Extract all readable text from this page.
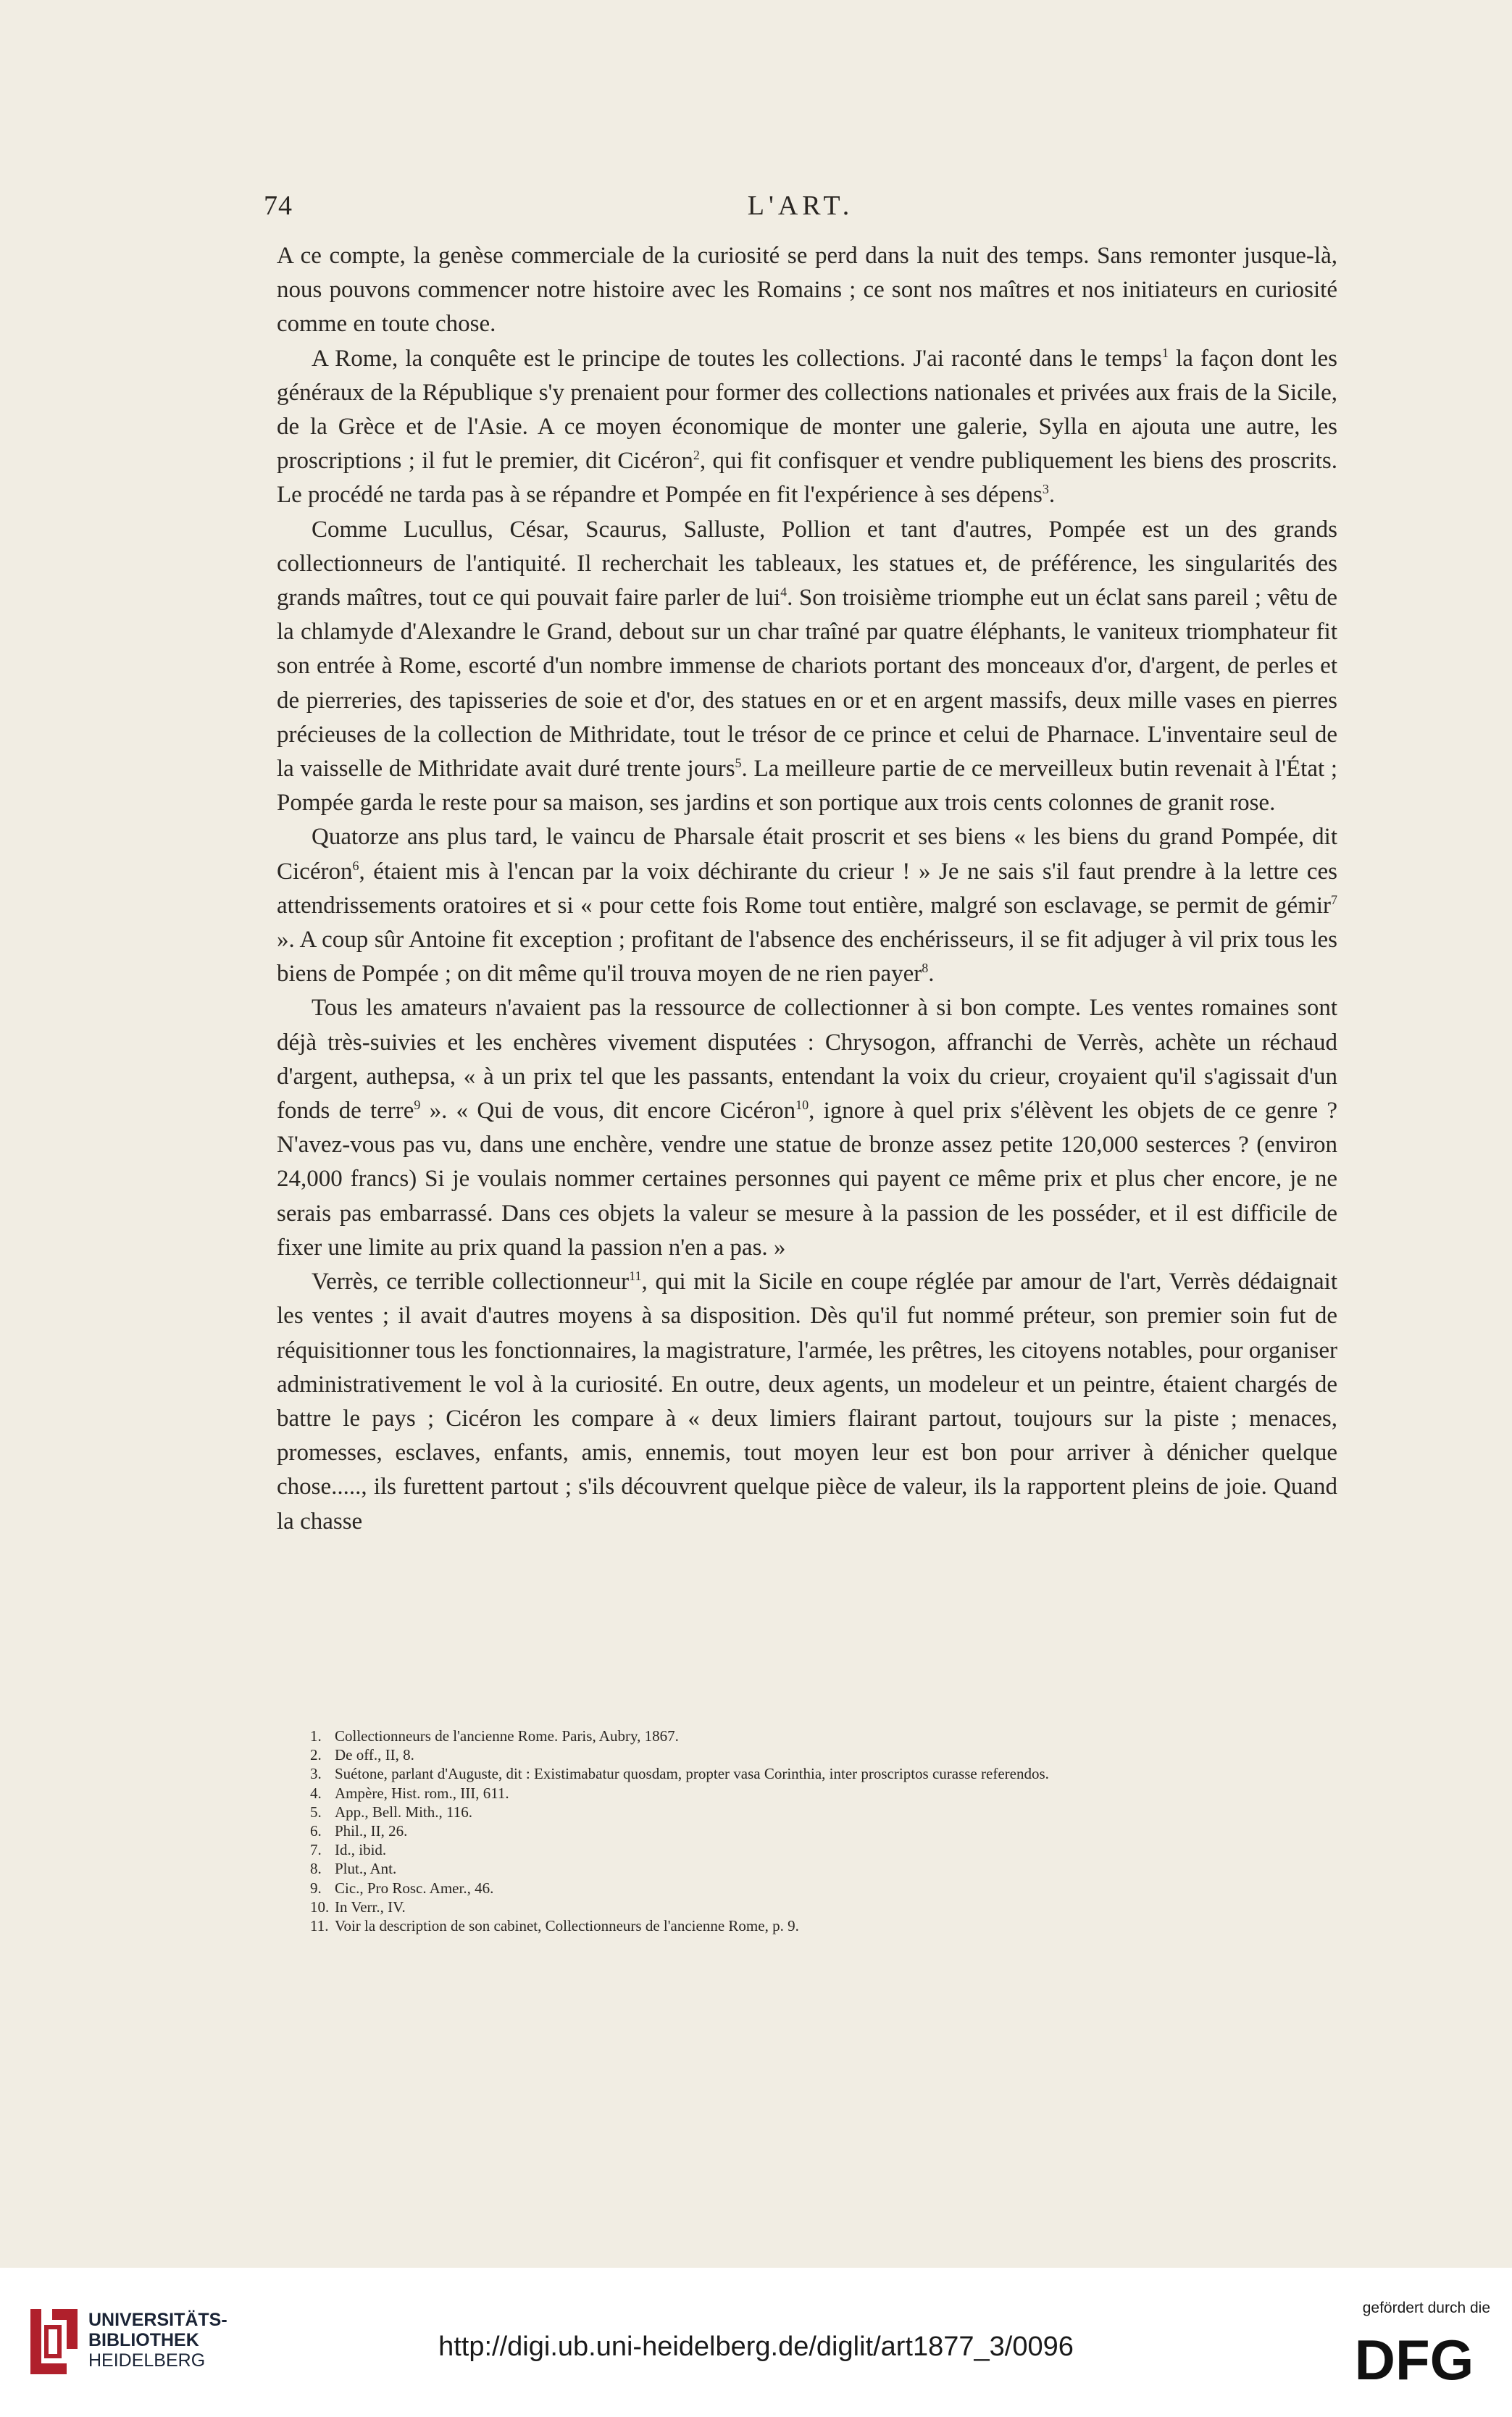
74	L'ART.

A ce compte, la genèse commerciale de la curiosité se perd dans la nuit des temps. Sans remonter jusque-là, nous pouvons commencer notre histoire avec les Romains ; ce sont nos maîtres et nos initiateurs en curiosité comme en toute chose.

A Rome, la conquête est le principe de toutes les collections. J'ai raconté dans le temps$^1$ la façon dont les généraux de la République s'y prenaient pour former des collections nationales et privées aux frais de la Sicile, de la Grèce et de l'Asie. A ce moyen économique de monter une galerie, Sylla en ajouta une autre, les proscriptions ; il fut le premier, dit Cicéron$^2$, qui fit confisquer et vendre publiquement les biens des proscrits. Le procédé ne tarda pas à se répandre et Pompée en fit l'expérience à ses dépens$^3$.

Comme Lucullus, César, Scaurus, Salluste, Pollion et tant d'autres, Pompée est un des grands collectionneurs de l'antiquité. Il recherchait les tableaux, les statues et, de préférence, les singularités des grands maîtres, tout ce qui pouvait faire parler de lui$^4$. Son troisième triomphe eut un éclat sans pareil ; vêtu de la chlamyde d'Alexandre le Grand, debout sur un char traîné par quatre éléphants, le vaniteux triomphateur fit son entrée à Rome, escorté d'un nombre immense de chariots portant des monceaux d'or, d'argent, de perles et de pierreries, des tapisseries de soie et d'or, des statues en or et en argent massifs, deux mille vases en pierres précieuses de la collection de Mithridate, tout le trésor de ce prince et celui de Pharnace. L'inventaire seul de la vaisselle de Mithridate avait duré trente jours$^5$. La meilleure partie de ce merveilleux butin revenait à l'État ; Pompée garda le reste pour sa maison, ses jardins et son portique aux trois cents colonnes de granit rose.

Quatorze ans plus tard, le vaincu de Pharsale était proscrit et ses biens « les biens du grand Pompée, dit Cicéron$^6$, étaient mis à l'encan par la voix déchirante du crieur ! » Je ne sais s'il faut prendre à la lettre ces attendrissements oratoires et si « pour cette fois Rome tout entière, malgré son esclavage, se permit de gémir$^7$ ». A coup sûr Antoine fit exception ; profitant de l'absence des enchérisseurs, il se fit adjuger à vil prix tous les biens de Pompée ; on dit même qu'il trouva moyen de ne rien payer$^8$.

Tous les amateurs n'avaient pas la ressource de collectionner à si bon compte. Les ventes romaines sont déjà très-suivies et les enchères vivement disputées : Chrysogon, affranchi de Verrès, achète un réchaud d'argent, authepsa, « à un prix tel que les passants, entendant la voix du crieur, croyaient qu'il s'agissait d'un fonds de terre$^9$ ». « Qui de vous, dit encore Cicéron$^{10}$, ignore à quel prix s'élèvent les objets de ce genre ? N'avez-vous pas vu, dans une enchère, vendre une statue de bronze assez petite 120,000 sesterces ? (environ 24,000 francs) Si je voulais nommer certaines personnes qui payent ce même prix et plus cher encore, je ne serais pas embarrassé. Dans ces objets la valeur se mesure à la passion de les posséder, et il est difficile de fixer une limite au prix quand la passion n'en a pas. »

Verrès, ce terrible collectionneur$^{11}$, qui mit la Sicile en coupe réglée par amour de l'art, Verrès dédaignait les ventes ; il avait d'autres moyens à sa disposition. Dès qu'il fut nommé préteur, son premier soin fut de réquisitionner tous les fonctionnaires, la magistrature, l'armée, les prêtres, les citoyens notables, pour organiser administrativement le vol à la curiosité. En outre, deux agents, un modeleur et un peintre, étaient chargés de battre le pays ; Cicéron les compare à « deux limiers flairant partout, toujours sur la piste ; menaces, promesses, esclaves, enfants, amis, ennemis, tout moyen leur est bon pour arriver à dénicher quelque chose....., ils furettent partout ; s'ils découvrent quelque pièce de valeur, ils la rapportent pleins de joie. Quand la chasse

1. Collectionneurs de l'ancienne Rome. Paris, Aubry, 1867.
2. De off., II, 8.
3. Suétone, parlant d'Auguste, dit : Existimabatur quosdam, propter vasa Corinthia, inter proscriptos curasse referendos.
4. Ampère, Hist. rom., III, 611.
5. App., Bell. Mith., 116.
6. Phil., II, 26.
7. Id., ibid.
8. Plut., Ant.
9. Cic., Pro Rosc. Amer., 46.
10. In Verr., IV.
11. Voir la description de son cabinet, Collectionneurs de l'ancienne Rome, p. 9.
UNIVERSITÄTS-
BIBLIOTHEK
HEIDELBERG	http://digi.ub.uni-heidelberg.de/diglit/art1877_3/0096
gefördert durch die
DFG
